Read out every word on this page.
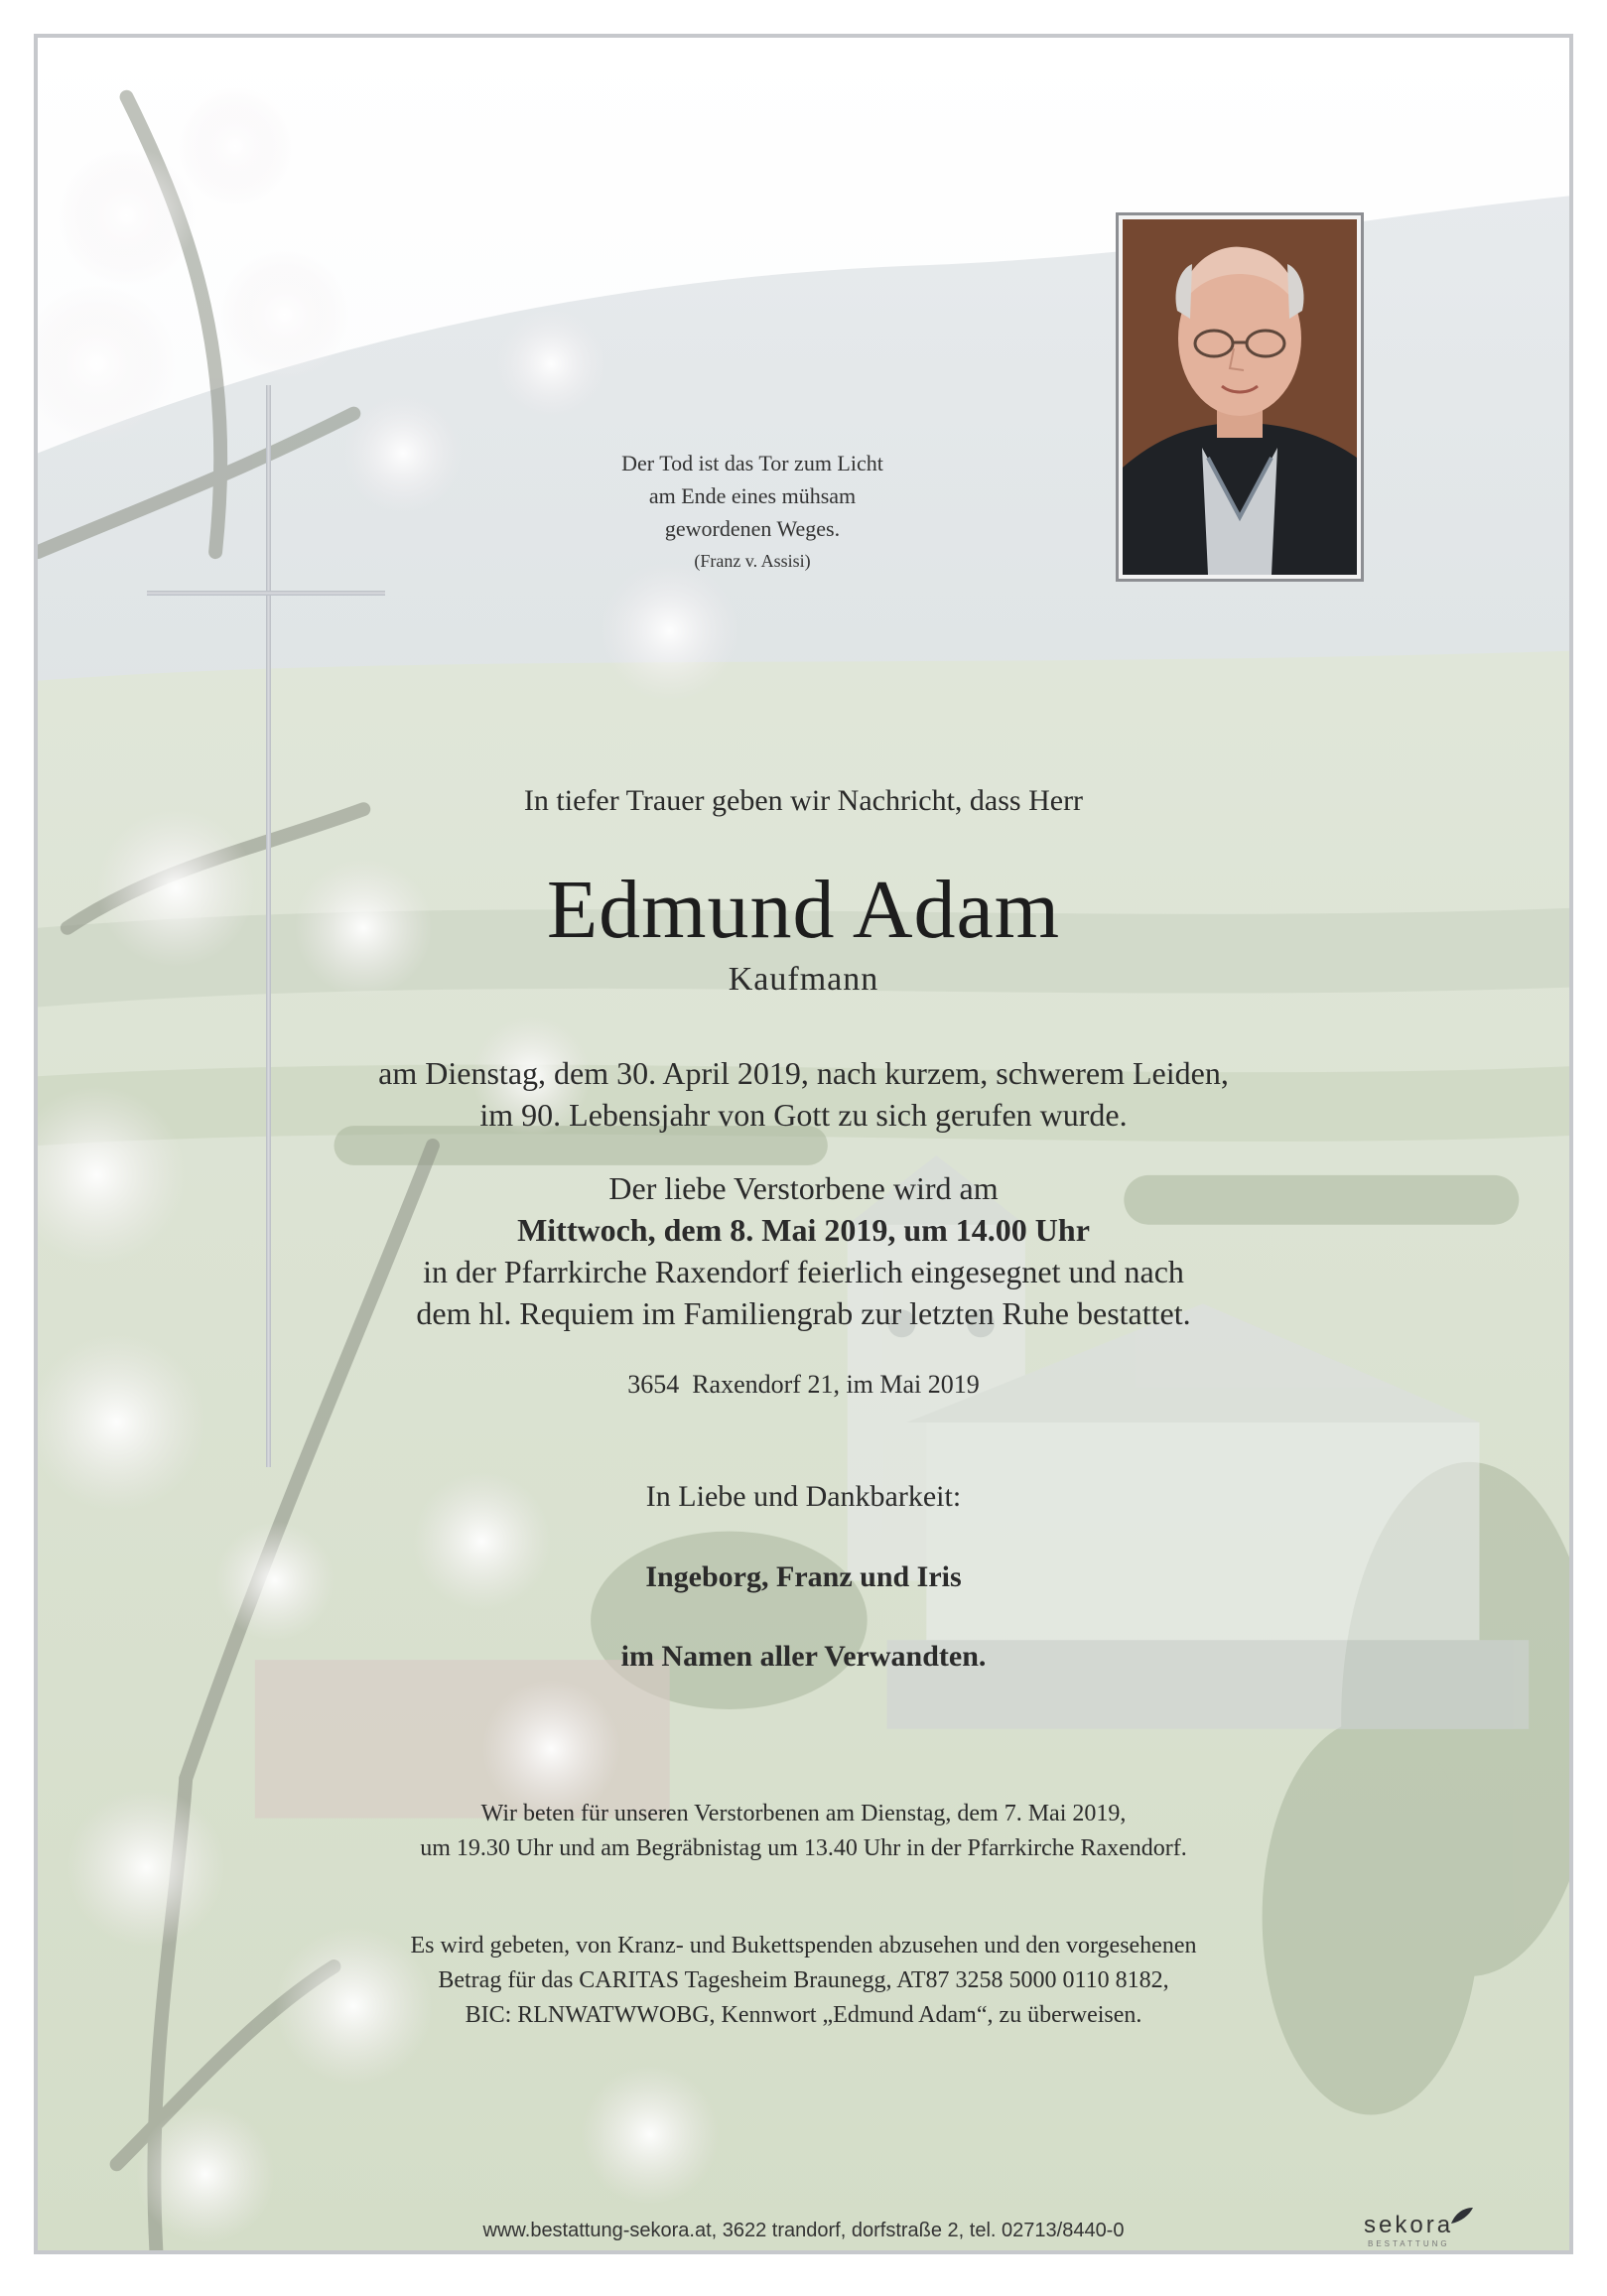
Der Tod ist das Tor zum Licht
am Ende eines mühsam
gewordenen Weges.
(Franz v. Assisi)
In tiefer Trauer geben wir Nachricht, dass Herr
Edmund Adam
Kaufmann
am Dienstag, dem 30. April 2019, nach kurzem, schwerem Leiden,
im 90. Lebensjahr von Gott zu sich gerufen wurde.
Der liebe Verstorbene wird am
Mittwoch, dem 8. Mai 2019, um 14.00 Uhr
in der Pfarrkirche Raxendorf feierlich eingesegnet und nach
dem hl. Requiem im Familiengrab zur letzten Ruhe bestattet.
3654  Raxendorf 21, im Mai 2019
In Liebe und Dankbarkeit:
Ingeborg, Franz und Iris
im Namen aller Verwandten.
Wir beten für unseren Verstorbenen am Dienstag, dem 7. Mai 2019,
um 19.30 Uhr und am Begräbnistag um 13.40 Uhr in der Pfarrkirche Raxendorf.
Es wird gebeten, von Kranz- und Bukettspenden abzusehen und den vorgesehenen
Betrag für das CARITAS Tagesheim Braunegg, AT87 3258 5000 0110 8182,
BIC: RLNWATWWOBG, Kennwort „Edmund Adam“, zu überweisen.
www.bestattung-sekora.at, 3622 trandorf, dorfstraße 2, tel. 02713/8440-0	sekora
BESTATTUNG
